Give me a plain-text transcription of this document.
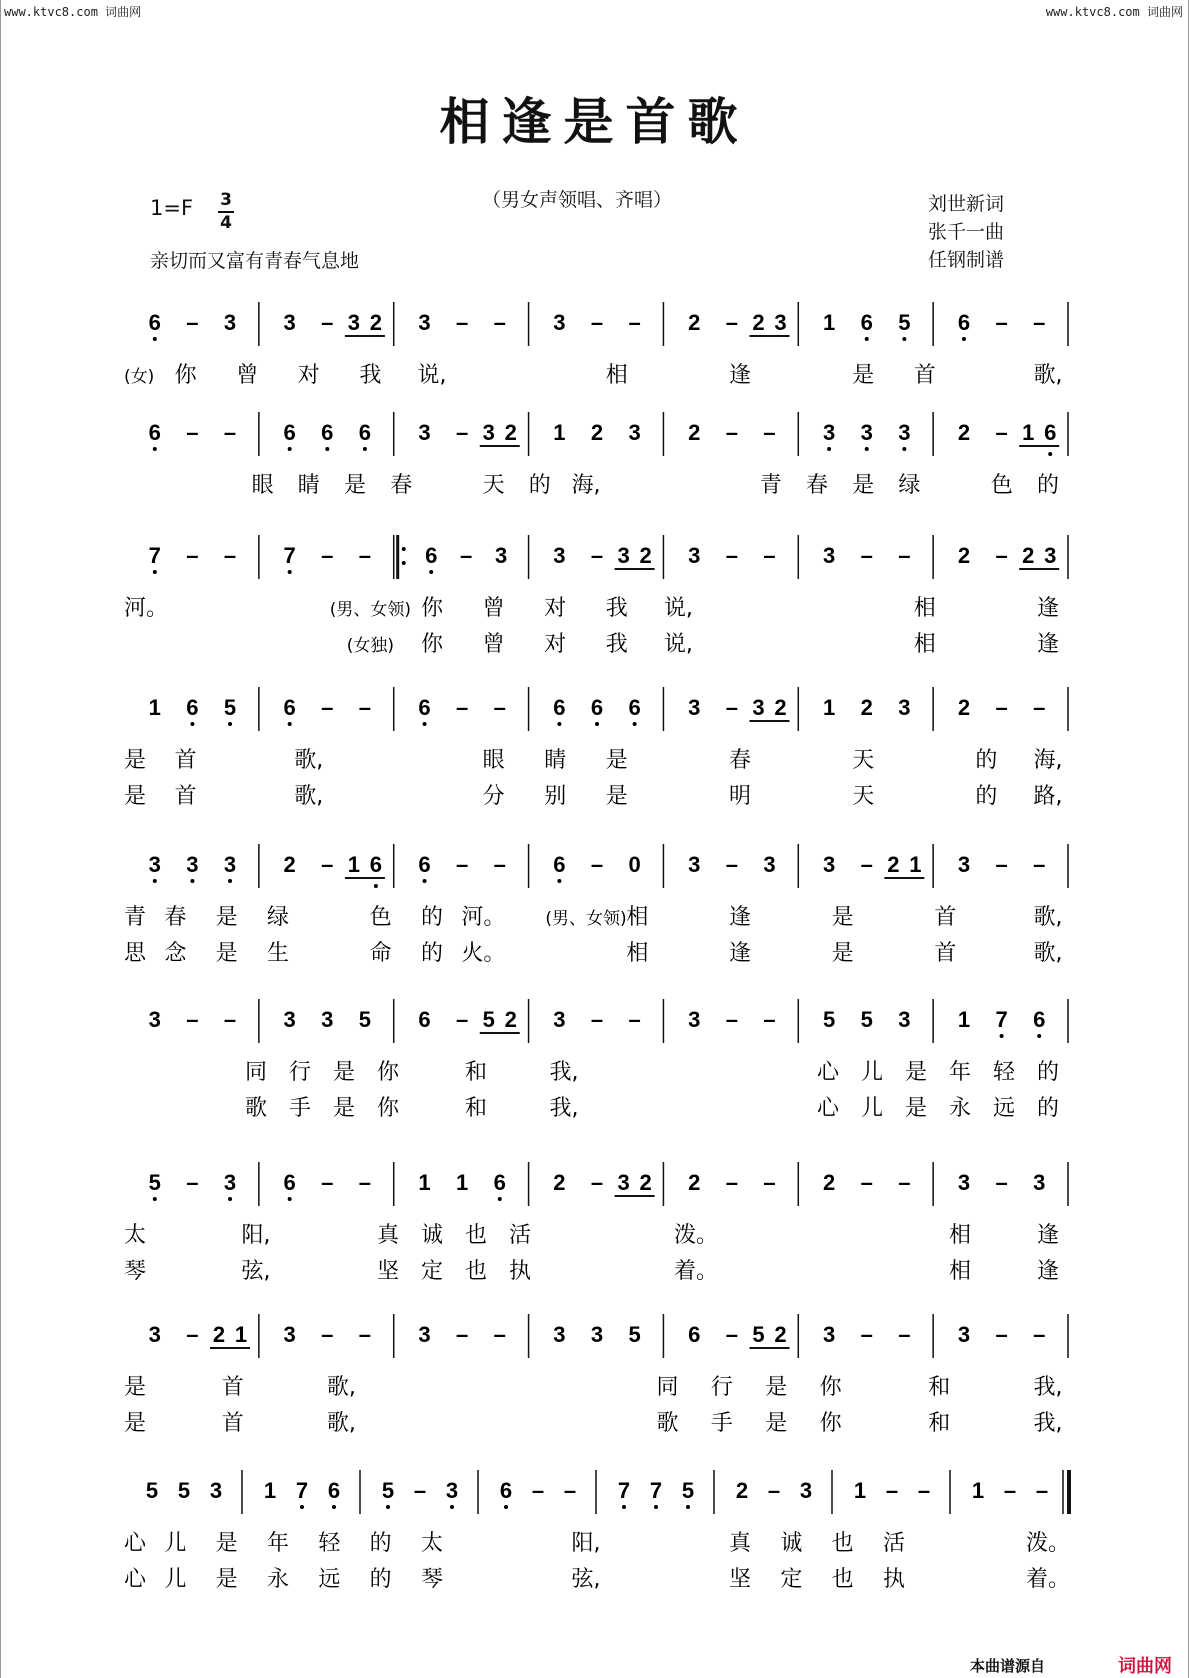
www.ktvc8.com 词曲网	www.ktvc8.com 词曲网
相逢是首歌
（男女声领唱、齐唱）
1=F 3
4
亲切而又富有青春气息地
刘世新词
张千一曲
任钢制谱
6 – 3 3 – 3 2 3 – – 3 – – 2 – 2 3 1 6 5 6 – –
(女) 你 曾 对 我 说,	相	逢	是 首	歌,
6 – – 6 6 6 3 – 3 2 1 2 3 2 – – 3 3 3 2 – 1 6
眼 睛 是 春	天 的 海,	青 春 是 绿	色 的
7 – – 7 – – 6 – 3 3 – 3 2 3 – – 3 – – 2 – 2 3
河。	(男、女领) 你 曾 对 我 说,	相	逢
(女独) 你 曾 对 我 说,	相	逢
1 6 5 6 – – 6 – – 6 6 6 3 – 3 2 1 2 3 2 – –
是 首	歌,	眼 睛 是	春	天	的 海,
是 首	歌,	分 别 是	明	天	的 路,
3 3 3 2 – 1 6 6 – – 6 – 0 3 – 3 3 – 2 1 3 – –
青 春 是 绿	色 的 河。 (男、女领) 相	逢	是	首	歌,
思 念 是 生	命 的 火。	相	逢	是	首	歌,
3 – – 3 3 5 6 – 5 2 3 – – 3 – – 5 5 3 1 7 6
同 行 是 你	和	我,	心 儿 是 年 轻 的
歌 手 是 你	和	我,	心 儿 是 永 远 的
5 – 3 6 – – 1 1 6 2 – 3 2 2 – – 2 – – 3 – 3
太	阳,	真 诚 也 活	泼。	相	逢
琴	弦,	坚 定 也 执	着。	相	逢
3 – 2 1 3 – – 3 – – 3 3 5 6 – 5 2 3 – – 3 – –
是	首	歌,	同 行 是 你	和	我,
是	首	歌,	歌 手 是 你	和	我,
5 5 3 1 7 6 5 – 3 6 – – 7 7 5 2 – 3 1 – – 1 – –
心 儿 是 年 轻 的 太	阳,	真 诚 也 活	泼。
心 儿 是 永 远 的 琴	弦,	坚 定 也 执	着。
本曲谱源自	词曲网
